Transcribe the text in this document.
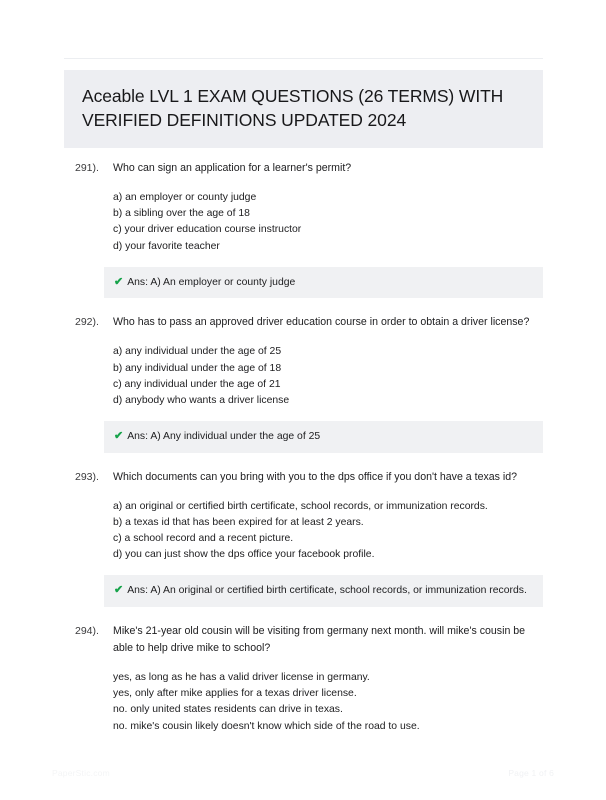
Aceable LVL 1 EXAM QUESTIONS (26 TERMS) WITH VERIFIED DEFINITIONS UPDATED 2024
291).	Who can sign an application for a learner's permit?
a) an employer or county judge
b) a sibling over the age of 18
c) your driver education course instructor
d) your favorite teacher
✔ Ans: A) An employer or county judge
292).	Who has to pass an approved driver education course in order to obtain a driver license?
a) any individual under the age of 25
b) any individual under the age of 18
c) any individual under the age of 21
d) anybody who wants a driver license
✔ Ans: A) Any individual under the age of 25
293).	Which documents can you bring with you to the dps office if you don't have a texas id?
a) an original or certified birth certificate, school records, or immunization records.
b) a texas id that has been expired for at least 2 years.
c) a school record and a recent picture.
d) you can just show the dps office your facebook profile.
✔ Ans: A) An original or certified birth certificate, school records, or immunization records.
294).	Mike's 21-year old cousin will be visiting from germany next month. will mike's cousin be able to help drive mike to school?
yes, as long as he has a valid driver license in germany.
yes, only after mike applies for a texas driver license.
no. only united states residents can drive in texas.
no. mike's cousin likely doesn't know which side of the road to use.
PaperStic.com	Page 1 of 6
